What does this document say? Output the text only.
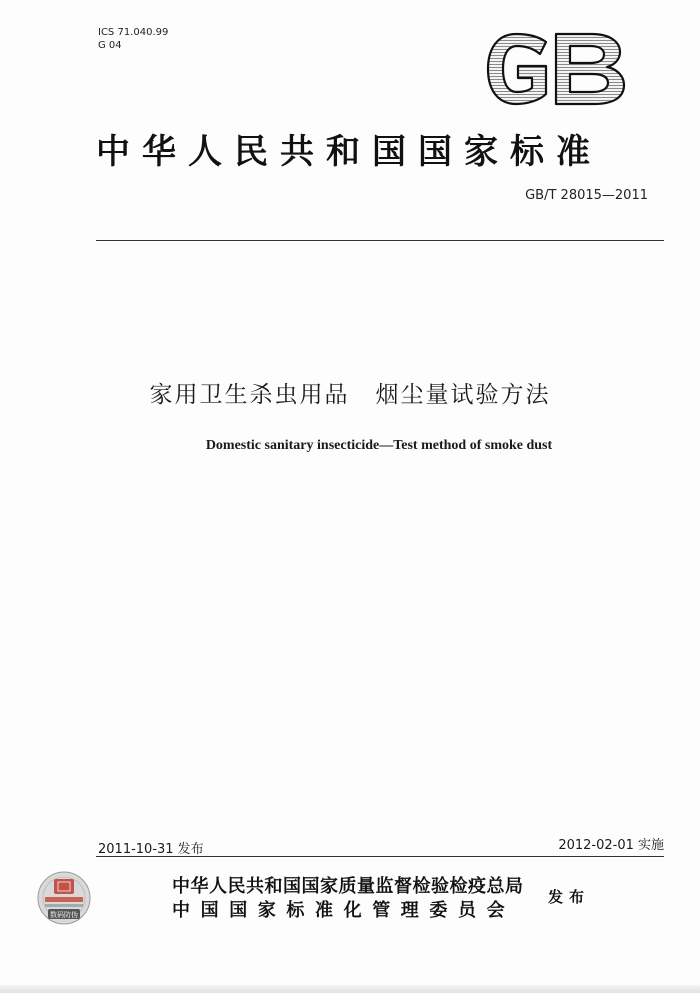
ICS 71.040.99
G 04
中华人民共和国国家标准
GB/T 28015—2011
家用卫生杀虫用品 烟尘量试验方法
Domestic sanitary insecticide—Test method of smoke dust
2011-10-31 发布	2012-02-01 实施
数码防伪
中华人民共和国国家质量监督检验检疫总局
中国国家标准化管理委员会
发布
